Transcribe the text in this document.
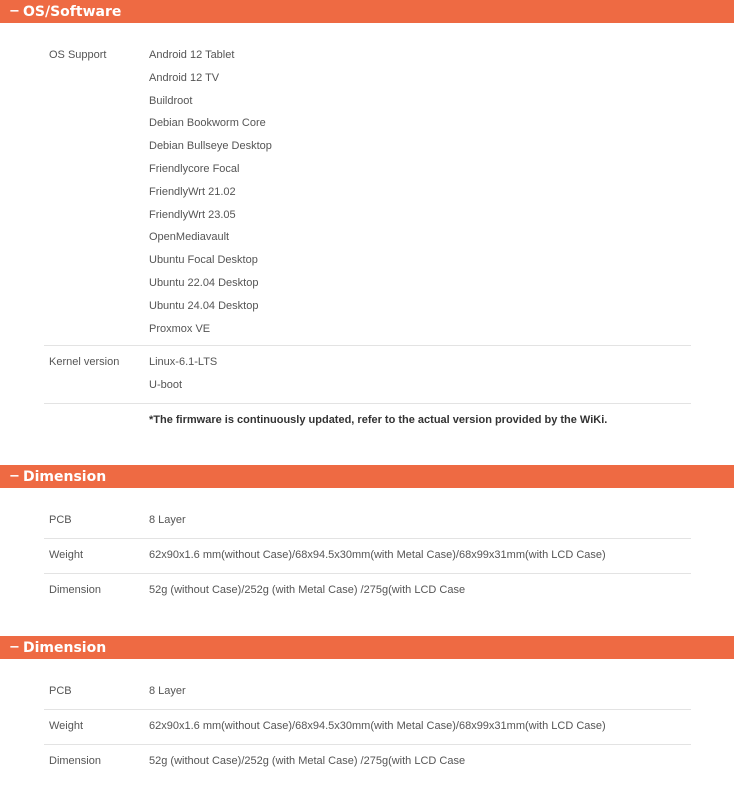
− OS/Software
OS Support	Android 12 Tablet
Android 12 TV
Buildroot
Debian Bookworm Core
Debian Bullseye Desktop
Friendlycore Focal
FriendlyWrt 21.02
FriendlyWrt 23.05
OpenMediavault
Ubuntu Focal Desktop
Ubuntu 22.04 Desktop
Ubuntu 24.04 Desktop
Proxmox VE
Kernel version	Linux-6.1-LTS
U-boot
*The firmware is continuously updated, refer to the actual version provided by the WiKi.
− Dimension
PCB	8 Layer
Weight	62x90x1.6 mm(without Case)/68x94.5x30mm(with Metal Case)/68x99x31mm(with LCD Case)
Dimension	52g (without Case)/252g (with Metal Case) /275g(with LCD Case
− Dimension
PCB	8 Layer
Weight	62x90x1.6 mm(without Case)/68x94.5x30mm(with Metal Case)/68x99x31mm(with LCD Case)
Dimension	52g (without Case)/252g (with Metal Case) /275g(with LCD Case
